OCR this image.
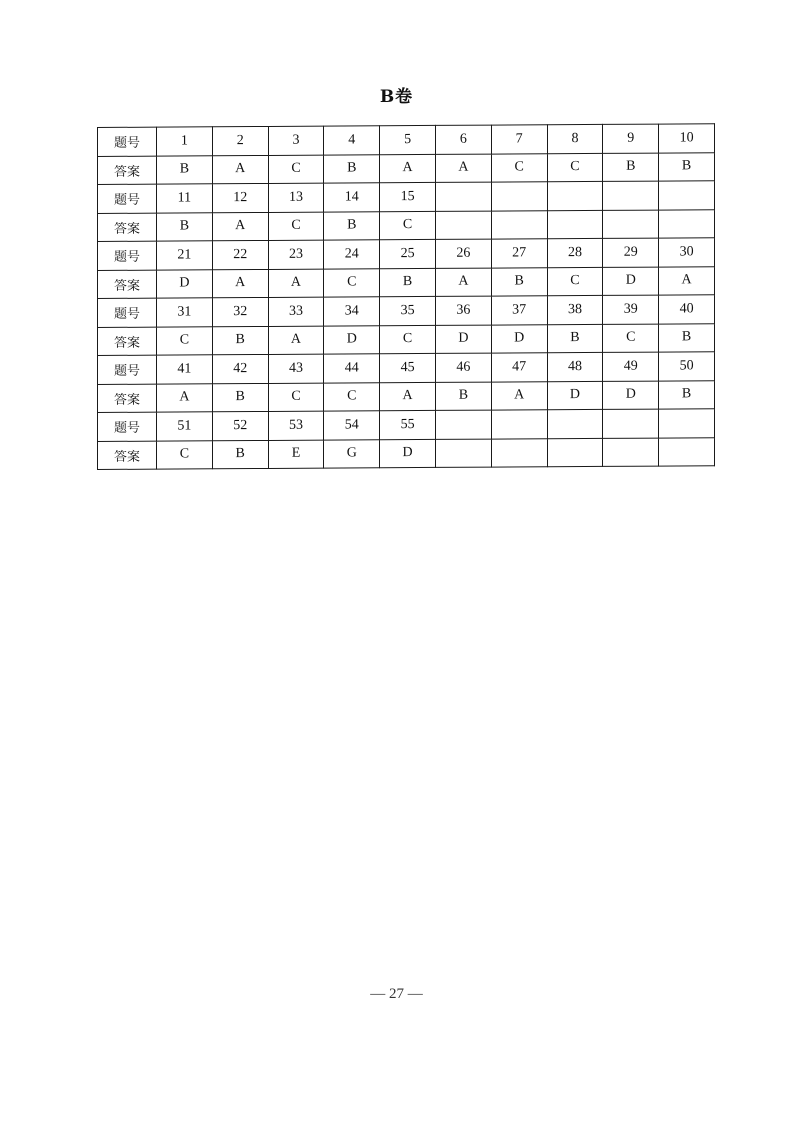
B卷
题号	1	2	3	4	5	6	7	8	9	10
答案	B	A	C	B	A	A	C	C	B	B
题号	11	12	13	14	15					
答案	B	A	C	B	C					
题号	21	22	23	24	25	26	27	28	29	30
答案	D	A	A	C	B	A	B	C	D	A
题号	31	32	33	34	35	36	37	38	39	40
答案	C	B	A	D	C	D	D	B	C	B
题号	41	42	43	44	45	46	47	48	49	50
答案	A	B	C	C	A	B	A	D	D	B
题号	51	52	53	54	55					
答案	C	B	E	G	D					
— 27 —
